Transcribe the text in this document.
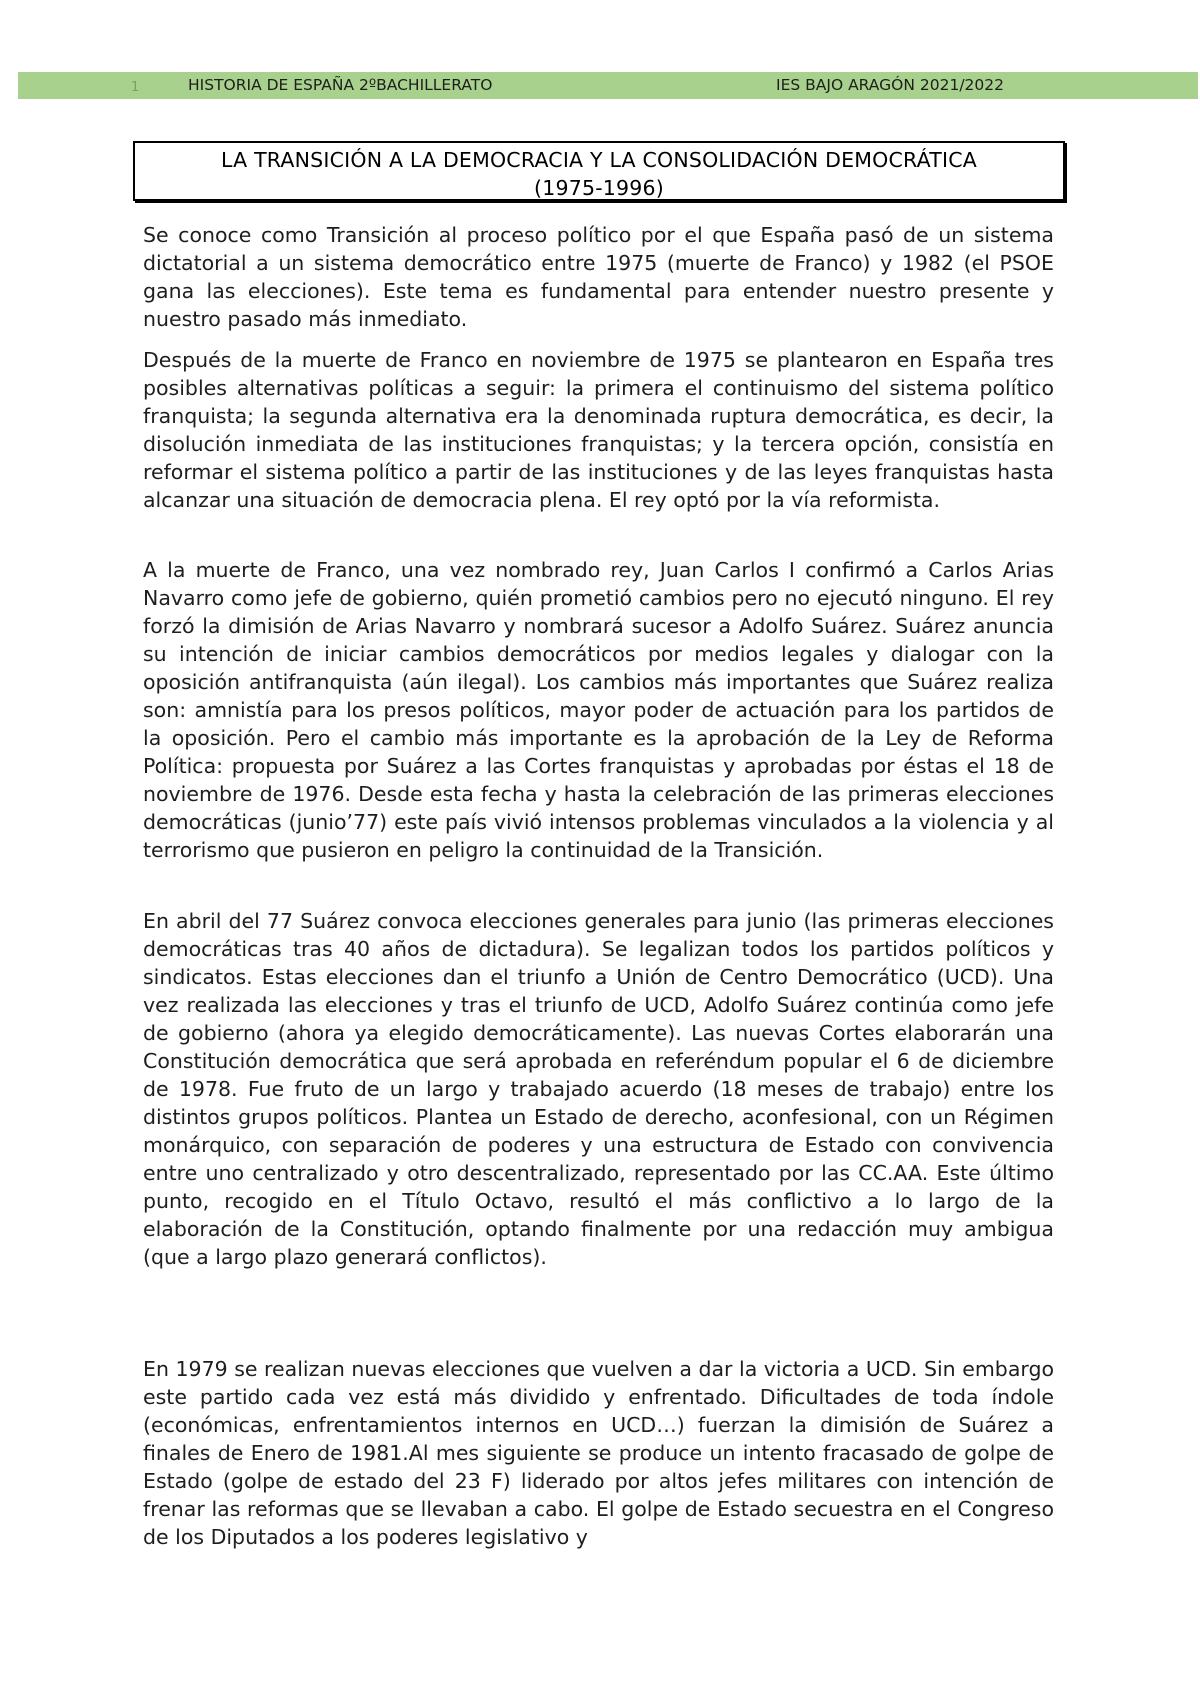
1	HISTORIA DE ESPAÑA 2ºBACHILLERATO	IES BAJO ARAGÓN 2021/2022
LA TRANSICIÓN A LA DEMOCRACIA Y LA CONSOLIDACIÓN DEMOCRÁTICA
(1975-1996)

Se conoce como Transición al proceso político por el que España pasó de un sistema dictatorial a un sistema democrático entre 1975 (muerte de Franco) y 1982 (el PSOE gana las elecciones). Este tema es fundamental para entender nuestro presente y nuestro pasado más inmediato.

Después de la muerte de Franco en noviembre de 1975 se plantearon en España tres posibles alternativas políticas a seguir: la primera el continuismo del sistema político franquista; la segunda alternativa era la denominada ruptura democrática, es decir, la disolución inmediata de las instituciones franquistas; y la tercera opción, consistía en reformar el sistema político a partir de las instituciones y de las leyes franquistas hasta alcanzar una situación de democracia plena. El rey optó por la vía reformista.

A la muerte de Franco, una vez nombrado rey, Juan Carlos I confirmó a Carlos Arias Navarro como jefe de gobierno, quién prometió cambios pero no ejecutó ninguno. El rey forzó la dimisión de Arias Navarro y nombrará sucesor a Adolfo Suárez. Suárez anuncia su intención de iniciar cambios democráticos por medios legales y dialogar con la oposición antifranquista (aún ilegal). Los cambios más importantes que Suárez realiza son: amnistía para los presos políticos, mayor poder de actuación para los partidos de la oposición. Pero el cambio más importante es la aprobación de la Ley de Reforma Política: propuesta por Suárez a las Cortes franquistas y aprobadas por éstas el 18 de noviembre de 1976. Desde esta fecha y hasta la celebración de las primeras elecciones democráticas (junio’77) este país vivió intensos problemas vinculados a la violencia y al terrorismo que pusieron en peligro la continuidad de la Transición.

En abril del 77 Suárez convoca elecciones generales para junio (las primeras elecciones democráticas tras 40 años de dictadura). Se legalizan todos los partidos políticos y sindicatos. Estas elecciones dan el triunfo a Unión de Centro Democrático (UCD). Una vez realizada las elecciones y tras el triunfo de UCD, Adolfo Suárez continúa como jefe de gobierno (ahora ya elegido democráticamente). Las nuevas Cortes elaborarán una Constitución democrática que será aprobada en referéndum popular el 6 de diciembre de 1978. Fue fruto de un largo y trabajado acuerdo (18 meses de trabajo) entre los distintos grupos políticos. Plantea un Estado de derecho, aconfesional, con un Régimen monárquico, con separación de poderes y una estructura de Estado con convivencia entre uno centralizado y otro descentralizado, representado por las CC.AA. Este último punto, recogido en el Título Octavo, resultó el más conflictivo a lo largo de la elaboración de la Constitución, optando finalmente por una redacción muy ambigua (que a largo plazo generará conflictos).

En 1979 se realizan nuevas elecciones que vuelven a dar la victoria a UCD. Sin embargo este partido cada vez está más dividido y enfrentado. Dificultades de toda índole (económicas, enfrentamientos internos en UCD…) fuerzan la dimisión de Suárez a finales de Enero de 1981.Al mes siguiente se produce un intento fracasado de golpe de Estado (golpe de estado del 23 F) liderado por altos jefes militares con intención de frenar las reformas que se llevaban a cabo. El golpe de Estado secuestra en el Congreso de los Diputados a los poderes legislativo y
